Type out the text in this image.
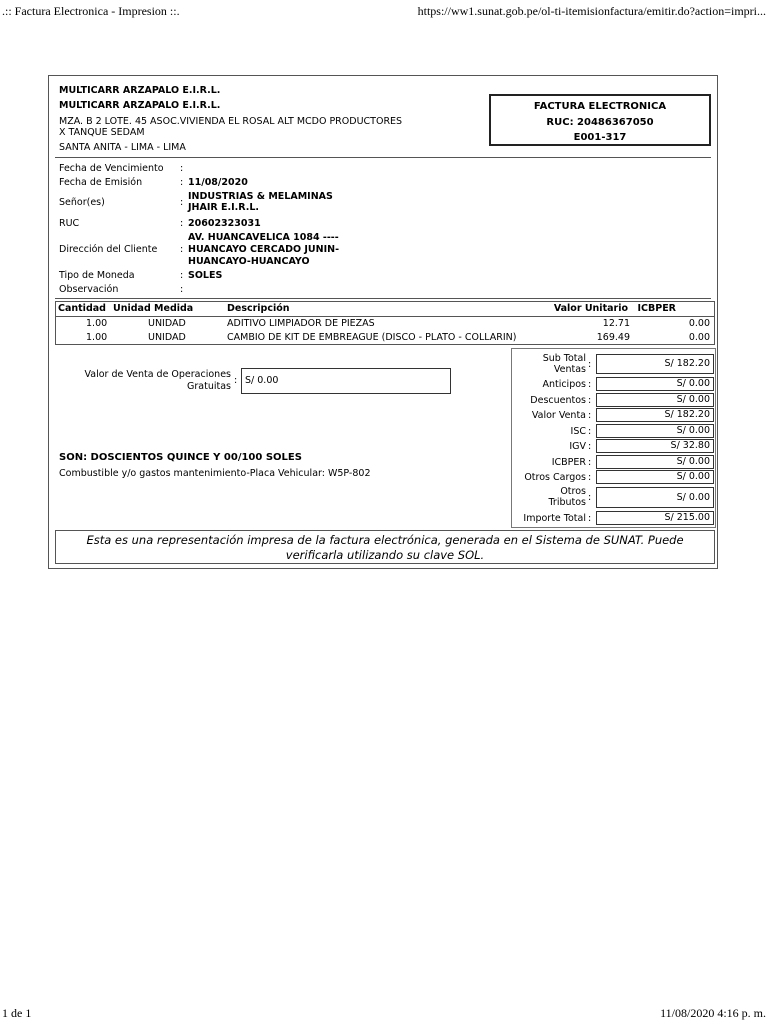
.:: Factura Electronica - Impresion ::.	https://ww1.sunat.gob.pe/ol-ti-itemisionfactura/emitir.do?action=impri...
MULTICARR ARZAPALO E.I.R.L.
MULTICARR ARZAPALO E.I.R.L.
MZA. B 2 LOTE. 45 ASOC.VIVIENDA EL ROSAL ALT MCDO PRODUCTORES
X TANQUE SEDAM
SANTA ANITA - LIMA - LIMA
FACTURA ELECTRONICA
RUC: 20486367050
E001-317
Fecha de Vencimiento :
Fecha de Emisión	: 11/08/2020
Señor(es)	:
INDUSTRIAS & MELAMINAS
JHAIR E.I.R.L.
RUC	: 20602323031
Dirección del Cliente :
AV. HUANCAVELICA 1084 ----
HUANCAYO CERCADO JUNIN-
HUANCAYO-HUANCAYO
Tipo de Moneda	: SOLES
Observación	:
Cantidad Unidad Medida	Descripción	Valor Unitario ICBPER
1.00	UNIDAD	ADITIVO LIMPIADOR DE PIEZAS	12.71	0.00
1.00	UNIDAD	CAMBIO DE KIT DE EMBREAGUE (DISCO - PLATO - COLLARIN)	169.49	0.00
Valor de Venta de Operaciones
Gratuitas
: S/ 0.00
SON: DOSCIENTOS QUINCE Y 00/100 SOLES
Combustible y/o gastos mantenimiento-Placa Vehicular: W5P-802
Sub Total
Ventas :	S/ 182.20
Anticipos :	S/ 0.00
Descuentos :	S/ 0.00
Valor Venta :	S/ 182.20
ISC :	S/ 0.00
IGV :	S/ 32.80
ICBPER :	S/ 0.00
Otros Cargos :	S/ 0.00
Otros
Tributos :	S/ 0.00
Importe Total :	S/ 215.00
Esta es una representación impresa de la factura electrónica, generada en el Sistema de SUNAT. Puede
verificarla utilizando su clave SOL.
1 de 1	11/08/2020 4:16 p. m.
